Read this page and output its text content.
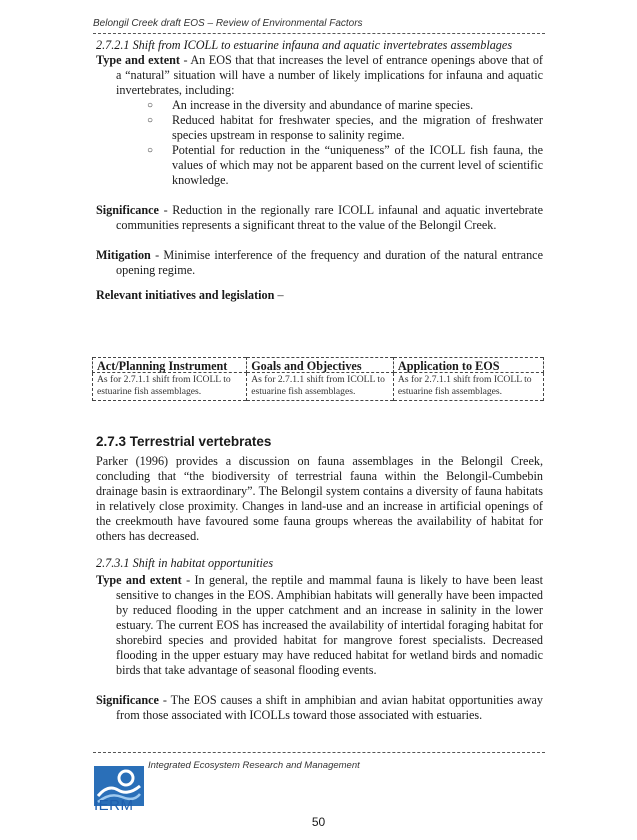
Belongil Creek draft EOS – Review of Environmental Factors

2.7.2.1 Shift from ICOLL to estuarine infauna and aquatic invertebrates assemblages

Type and extent - An EOS that that increases the level of entrance openings above that of a “natural” situation will have a number of likely implications for infauna and aquatic invertebrates, including:

○ An increase in the diversity and abundance of marine species.
○ Reduced habitat for freshwater species, and the migration of freshwater species upstream in response to salinity regime.
○ Potential for reduction in the “uniqueness” of the ICOLL fish fauna, the values of which may not be apparent based on the current level of scientific knowledge.

Significance - Reduction in the regionally rare ICOLL infaunal and aquatic invertebrate communities represents a significant threat to the value of the Belongil Creek.

Mitigation - Minimise interference of the frequency and duration of the natural entrance opening regime.

Relevant initiatives and legislation –

Act/Planning Instrument	Goals and Objectives	Application to EOS
As for 2.7.1.1 shift from ICOLL to estuarine fish assemblages.	As for 2.7.1.1 shift from ICOLL to estuarine fish assemblages.	As for 2.7.1.1 shift from ICOLL to estuarine fish assemblages.

2.7.3 Terrestrial vertebrates

Parker (1996) provides a discussion on fauna assemblages in the Belongil Creek, concluding that “the biodiversity of terrestrial fauna within the Belongil-Cumbebin drainage basin is extraordinary”. The Belongil system contains a diversity of fauna habitats in relatively close proximity. Changes in land-use and an increase in artificial openings of the creekmouth have favoured some fauna groups whereas the availability of habitat for others has decreased.

2.7.3.1 Shift in habitat opportunities

Type and extent - In general, the reptile and mammal fauna is likely to have been least sensitive to changes in the EOS. Amphibian habitats will generally have been impacted by reduced flooding in the upper catchment and an increase in salinity in the lower estuary. The current EOS has increased the availability of intertidal foraging habitat for shorebird species and provided habitat for mangrove forest specialists. Decreased flooding in the upper estuary may have reduced habitat for wetland birds and nomadic birds that take advantage of seasonal flooding events.

Significance - The EOS causes a shift in amphibian and avian habitat opportunities away from those associated with ICOLLs toward those associated with estuaries.

IERM
Integrated Ecosystem Research and Management
50
